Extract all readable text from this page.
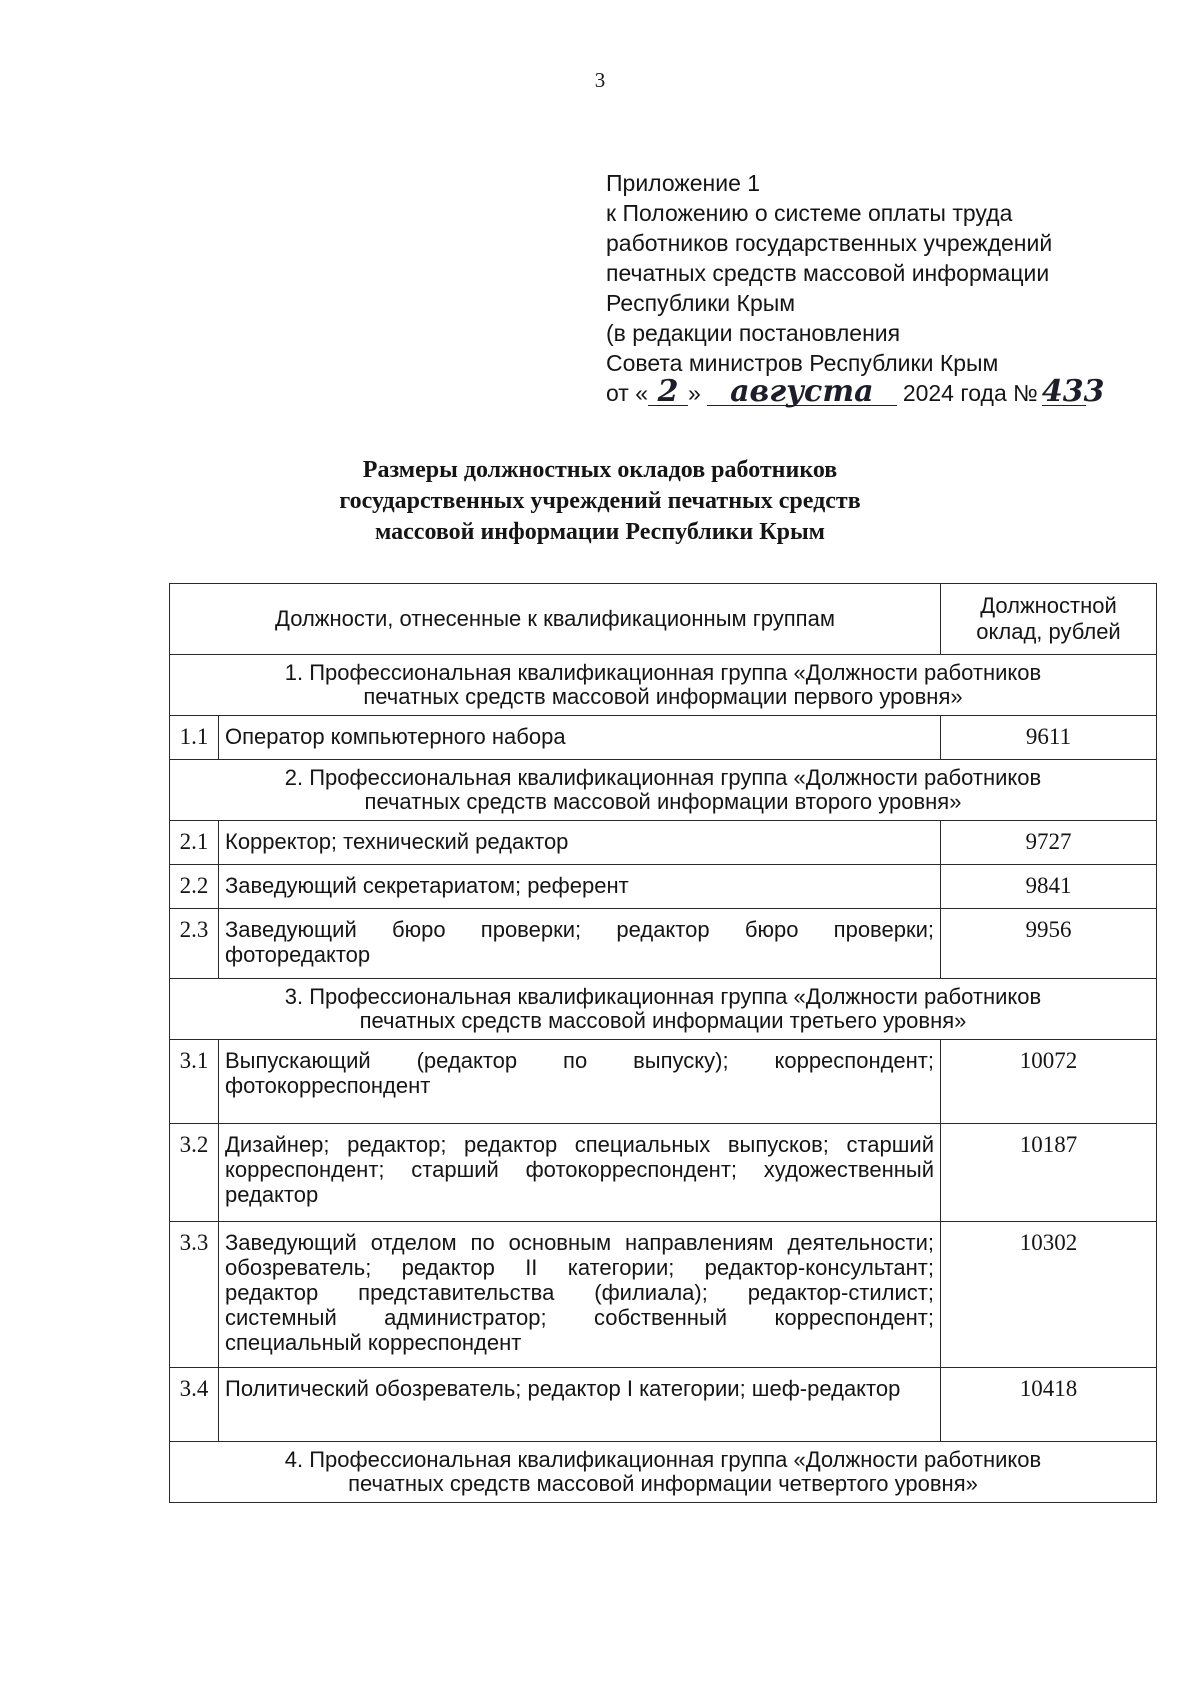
3
Приложение 1
к Положению о системе оплаты труда
работников государственных учреждений
печатных средств массовой информации
Республики Крым
(в редакции постановления
Совета министров Республики Крым
от « 2 » августа 2024 года № 433
Размеры должностных окладов работников
государственных учреждений печатных средств
массовой информации Республики Крым
Должности, отнесенные к квалификационным группам		Должностной
оклад, рублей

1. Профессиональная квалификационная группа «Должности работников
печатных средств массовой информации первого уровня»		

1.1	Оператор компьютерного набора	9611

2. Профессиональная квалификационная группа «Должности работников
печатных средств массовой информации второго уровня»		

2.1	Корректор; технический редактор	9727
2.2	Заведующий секретариатом; референт	9841
2.3	Заведующий бюро проверки; редактор бюро проверки; фоторедактор	9956

3. Профессиональная квалификационная группа «Должности работников
печатных средств массовой информации третьего уровня»		

3.1	Выпускающий (редактор по выпуску); корреспондент; фотокорреспондент	10072
3.2	Дизайнер; редактор; редактор специальных выпусков; старший корреспондент; старший фотокорреспондент; художественный редактор	10187
3.3	Заведующий отделом по основным направлениям деятельности; обозреватель; редактор II категории; редактор-консультант; редактор представительства (филиала); редактор-стилист; системный администратор; собственный корреспондент; специальный корреспондент	10302
3.4	Политический обозреватель; редактор I категории; шеф-редактор	10418

4. Профессиональная квалификационная группа «Должности работников
печатных средств массовой информации четвертого уровня»		
